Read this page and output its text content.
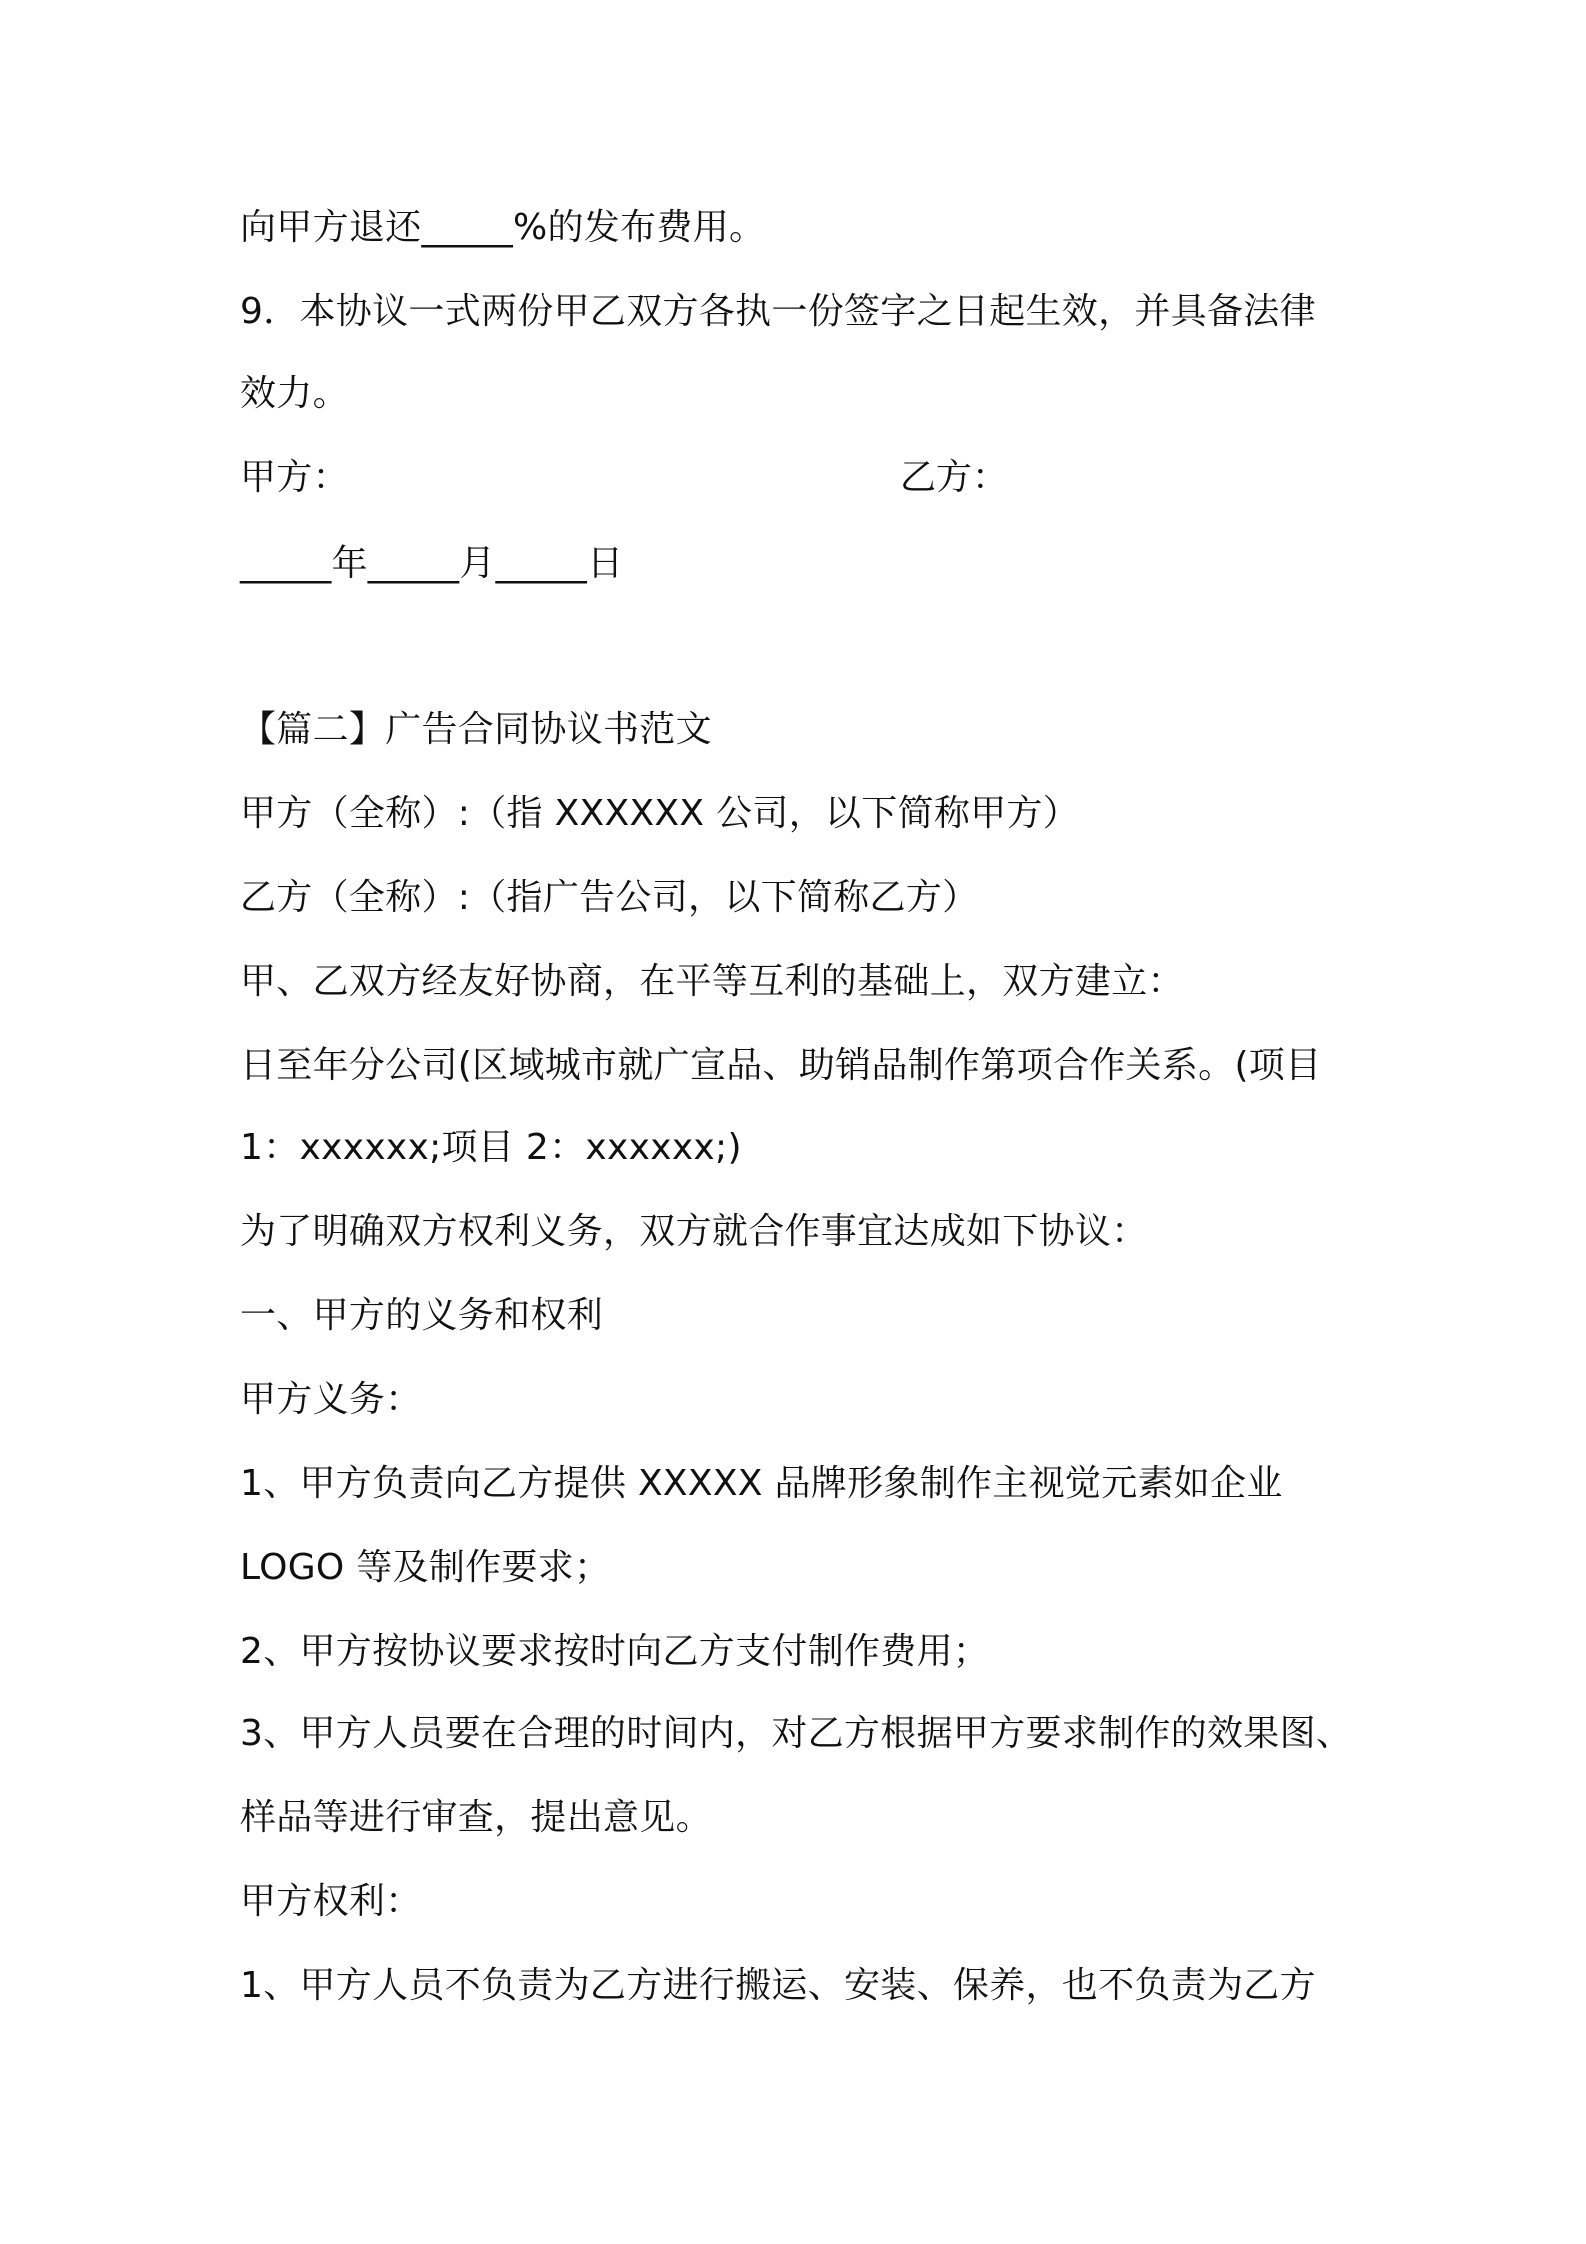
向甲方退还_____%的发布费用。
9．本协议一式两份甲乙双方各执一份签字之日起生效，并具备法律
效力。
甲方：	乙方：
_____年_____月_____日
【篇二】广告合同协议书范文
甲方（全称）:（指 XXXXXX 公司，以下简称甲方）
乙方（全称）:（指广告公司，以下简称乙方）
甲、乙双方经友好协商，在平等互利的基础上，双方建立：
日至年分公司(区域城市就广宣品、助销品制作第项合作关系。(项目
1：xxxxxx;项目 2：xxxxxx;)
为了明确双方权利义务，双方就合作事宜达成如下协议：
一、甲方的义务和权利
甲方义务：
1、甲方负责向乙方提供 XXXXX 品牌形象制作主视觉元素如企业
LOGO 等及制作要求；
2、甲方按协议要求按时向乙方支付制作费用；
3、甲方人员要在合理的时间内，对乙方根据甲方要求制作的效果图、
样品等进行审查，提出意见。
甲方权利：
1、甲方人员不负责为乙方进行搬运、安装、保养，也不负责为乙方
